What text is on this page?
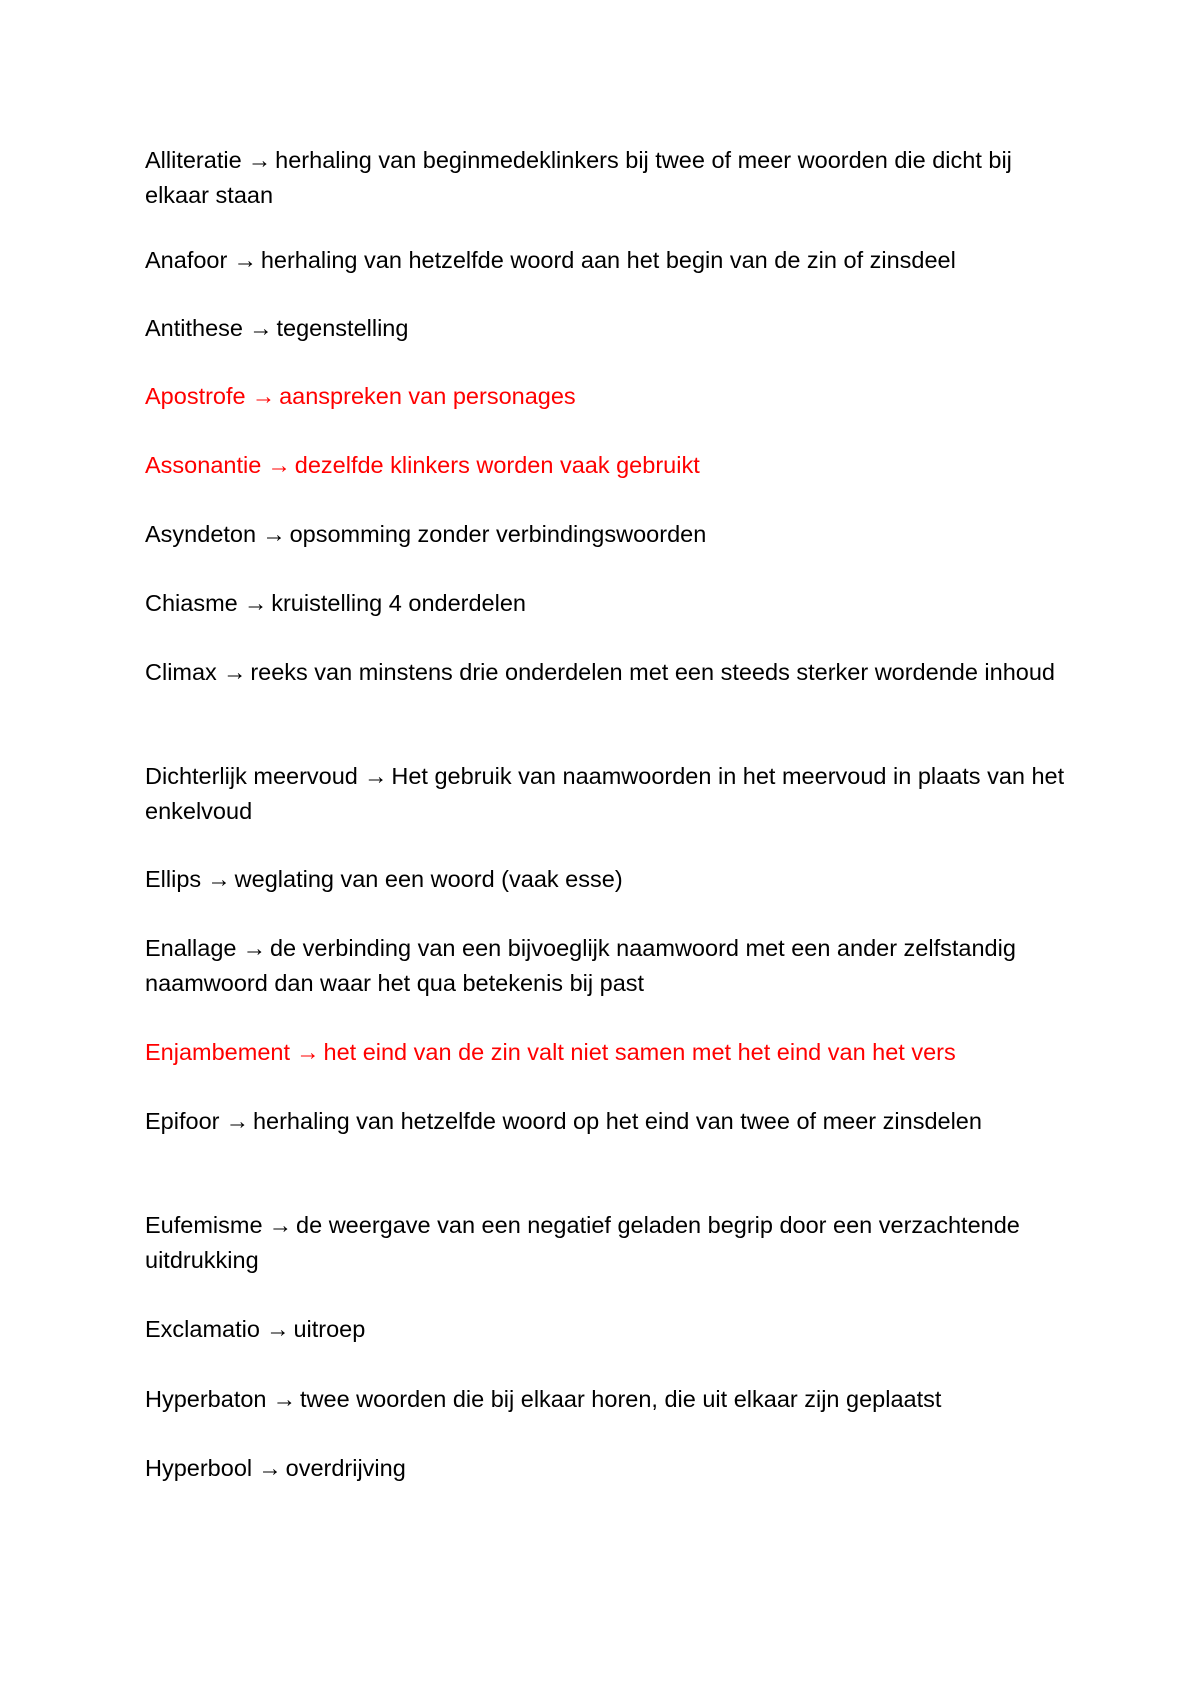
Alliteratie → herhaling van beginmedeklinkers bij twee of meer woorden die dicht bij elkaar staan
Anafoor → herhaling van hetzelfde woord aan het begin van de zin of zinsdeel
Antithese → tegenstelling
Apostrofe → aanspreken van personages
Assonantie → dezelfde klinkers worden vaak gebruikt
Asyndeton → opsomming zonder verbindingswoorden
Chiasme → kruistelling 4 onderdelen
Climax → reeks van minstens drie onderdelen met een steeds sterker wordende inhoud
Dichterlijk meervoud → Het gebruik van naamwoorden in het meervoud in plaats van het enkelvoud
Ellips → weglating van een woord (vaak esse)
Enallage → de verbinding van een bijvoeglijk naamwoord met een ander zelfstandig naamwoord dan waar het qua betekenis bij past
Enjambement → het eind van de zin valt niet samen met het eind van het vers
Epifoor → herhaling van hetzelfde woord op het eind van twee of meer zinsdelen
Eufemisme → de weergave van een negatief geladen begrip door een verzachtende uitdrukking
Exclamatio → uitroep
Hyperbaton → twee woorden die bij elkaar horen, die uit elkaar zijn geplaatst
Hyperbool → overdrijving
